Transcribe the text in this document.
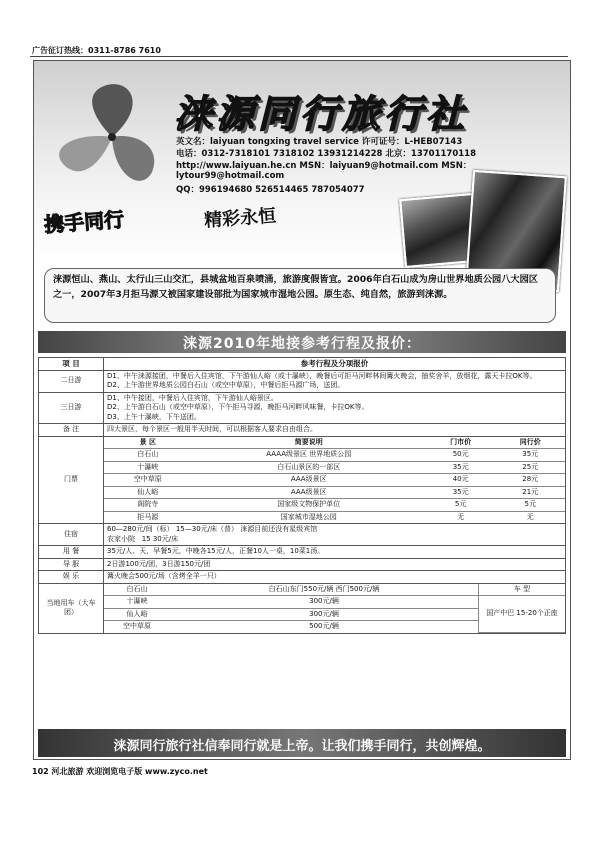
广告征订热线：0311-8786 7610
涞源同行旅行社
英文名：laiyuan tongxing travel service 许可证号：L-HEB07143
电话：0312-7318101 7318102 13931214228 北京：13701170118
http://www.laiyuan.he.cn MSN：laiyuan9@hotmail.com MSN：
lytour99@hotmail.com
QQ：996194680 526514465 787054077
携手同行	精彩永恒
涞源恒山、燕山、太行山三山交汇，县城盆地百泉喷涌，旅游度假皆宜。2006年白石山成为房山世界地质公园八大园区之一，2007年3月拒马源又被国家建设部批为国家城市湿地公园。原生态、纯自然，旅游到涞源。
涞源2010年地接参考行程及报价：
项 目	参考行程及分项报价
二日游	
D1、中午涞源接团，中餐后入住宾馆，下午游仙人峪（或十瀑峡），晚餐后可拒马河畔林间篝火晚会，抽奖舍羊，放烟花，露天卡拉OK等。
D2、上午游世界地质公园白石山（或空中草原），中餐后拒马源广场，送团。

三日游	
D1、中午接团，中餐后入住宾馆，下午游仙人峪景区。
D2、上午游白石山（或空中草原），下午拒马寻源，晚拒马河畔风味餐，卡拉OK等。
D3、上午十瀑峡，下午送团。

备 注	四大景区，每个景区一般用半天时间，可以根据客人要求自由组合。
门票	
景 区	简要说明	门市价	同行价
白石山	AAAA级景区 世界地质公园	50元	35元
十瀑峡	白石山景区的一部区	35元	25元
空中草原	AAA级景区	40元	28元
仙人峪	AAA级景区	35元	21元
阁院寺	国家级文物保护单位	5元	5元
拒马源	国家城市湿地公园	无	无

住宿	
60—280元/间（标） 15—30元/床（普） 涞源目前还没有星级宾馆
农家小院 15 30元/床

用 餐	35元/人、天，早餐5元，中晚各15元/人，正餐10人一桌，10菜1汤。
导 服	2日游100元/团，3日游150元/团
娱 乐	篝火晚会500元/场（含烤全羊一只）
当地用车（大车团）	
白石山	白石山东门550元/辆 西门500元/辆	车 型
十瀑峡	300元/辆	国产中巴 15-20个正座
仙人峪	300元/辆
空中草原	500元/辆
涞源同行旅行社信奉同行就是上帝。让我们携手同行，共创辉煌。
102 河北旅游 欢迎浏览电子版 www.zyco.net
